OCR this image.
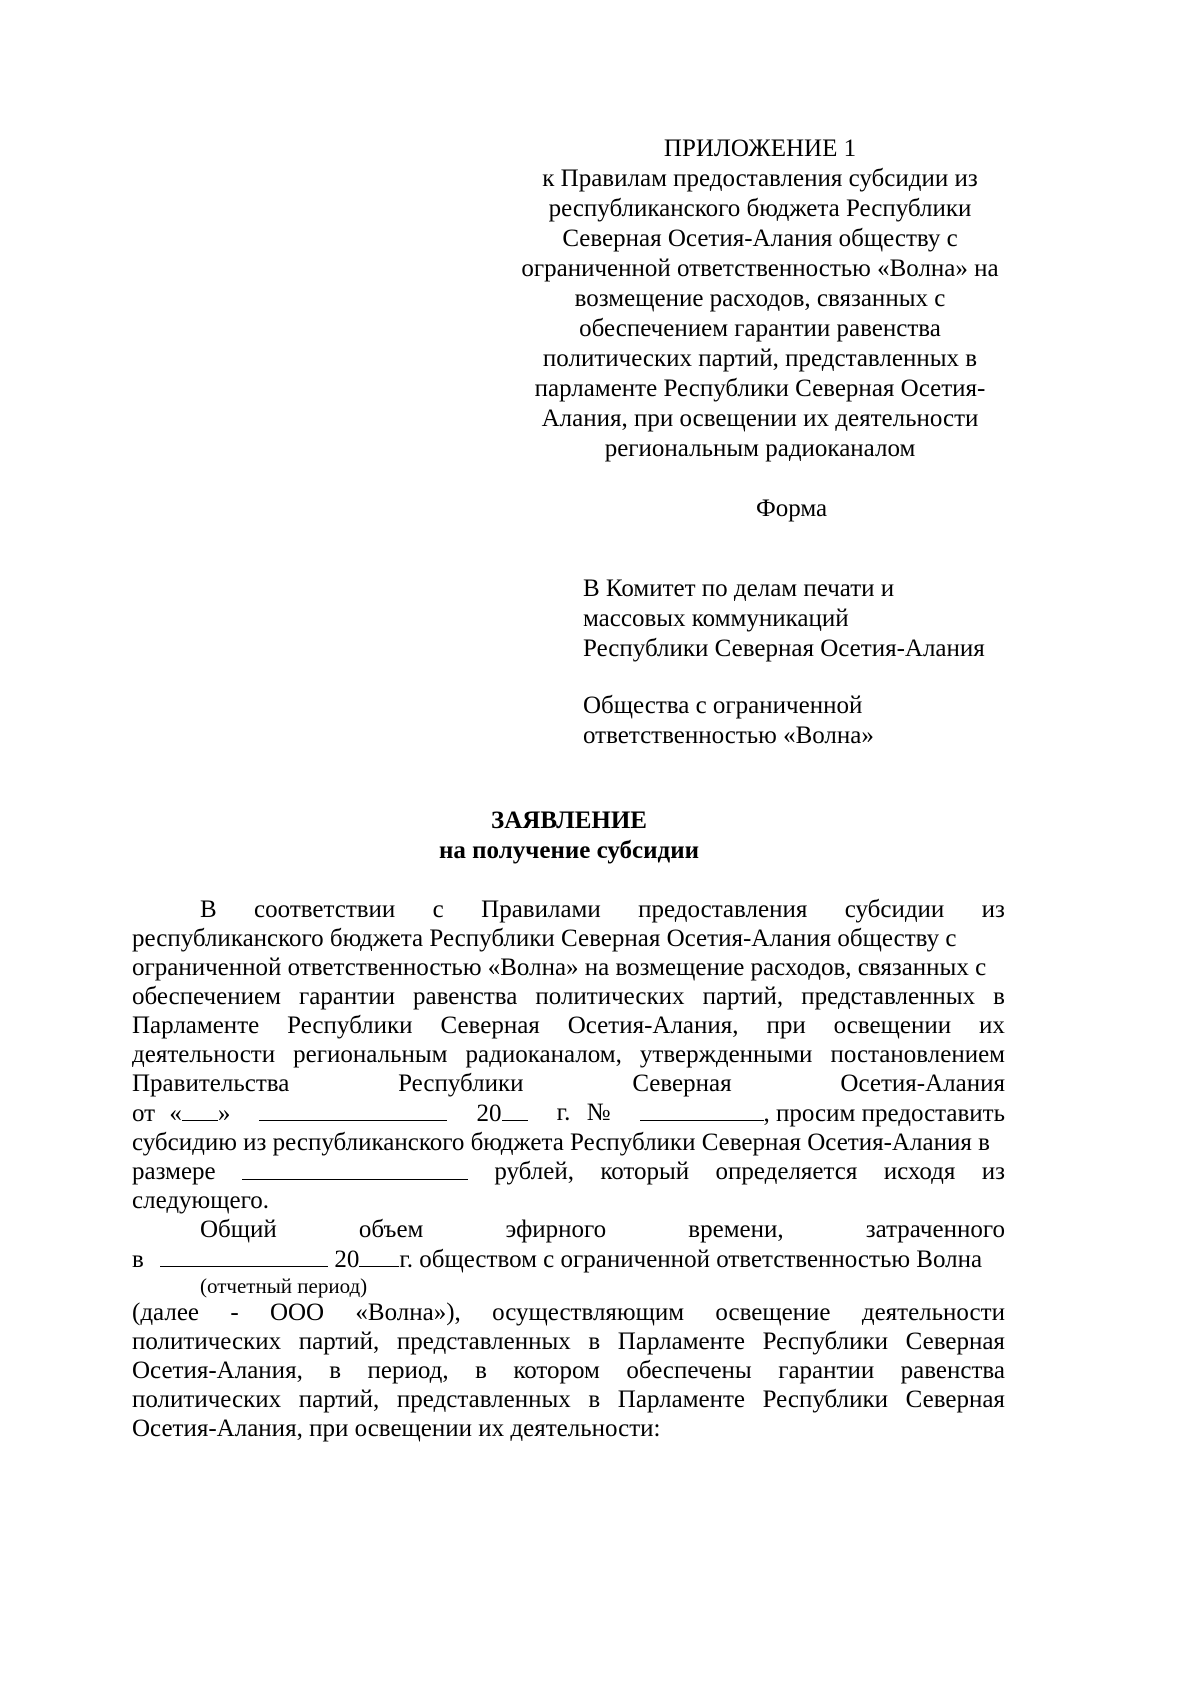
ПРИЛОЖЕНИЕ 1
к Правилам предоставления субсидии из
республиканского бюджета Республики
Северная Осетия-Алания обществу с
ограниченной ответственностью «Волна» на
возмещение расходов, связанных с
обеспечением гарантии равенства
политических партий, представленных в
парламенте Республики Северная Осетия-
Алания, при освещении их деятельности
региональным радиоканалом
Форма
В Комитет по делам печати и
массовых коммуникаций
Республики Северная Осетия-Алания
Общества с ограниченной
ответственностью «Волна»
ЗАЯВЛЕНИЕ
на получение субсидии
В соответствии с Правилами предоставления субсидии из
республиканского бюджета Республики Северная Осетия-Алания обществу с
ограниченной ответственностью «Волна» на возмещение расходов, связанных с
обеспечением гарантии равенства политических партий, представленных в
Парламенте Республики Северная Осетия-Алания, при освещении их
деятельности региональным радиоканалом, утвержденными постановлением
Правительства	Республики	Северная	Осетия-Алания
от « »	20	г. №	, просим предоставить
субсидию из республиканского бюджета Республики Северная Осетия-Алания в
размере	рублей, который определяется исходя из
следующего.
Общий	объем	эфирного	времени,	затраченного
в	20 г. обществом с ограниченной ответственностью Волна
(отчетный период)
(далее - ООО «Волна»), осуществляющим освещение деятельности
политических партий, представленных в Парламенте Республики Северная
Осетия-Алания, в период, в котором обеспечены гарантии равенства
политических партий, представленных в Парламенте Республики Северная
Осетия-Алания, при освещении их деятельности:
